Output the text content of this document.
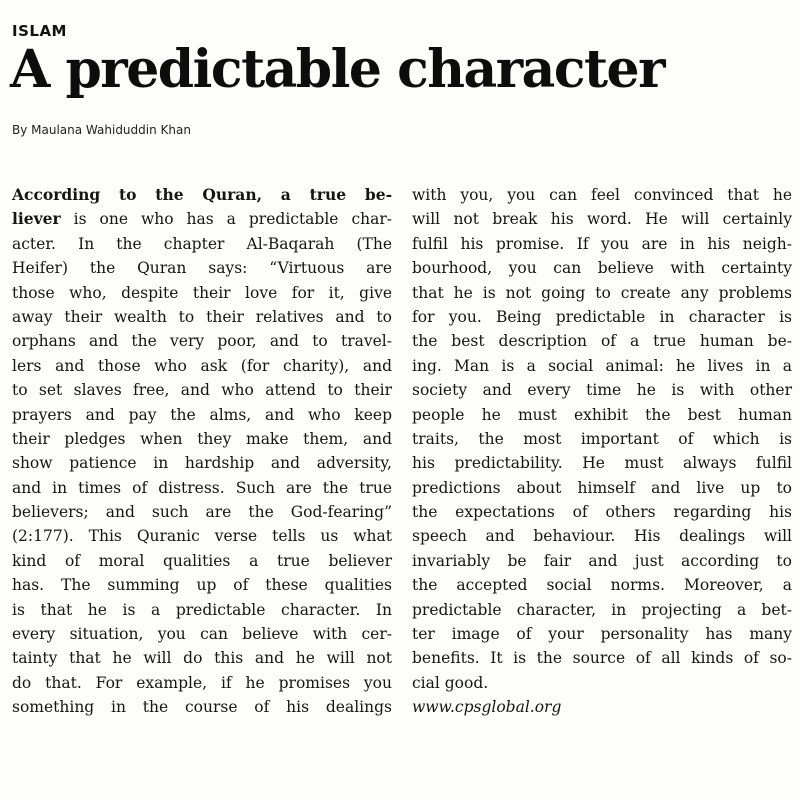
ISLAM
A predictable character
By Maulana Wahiduddin Khan
According to the Quran, a true be-
liever is one who has a predictable char-
acter. In the chapter Al-Baqarah (The
Heifer) the Quran says: “Virtuous are
those who, despite their love for it, give
away their wealth to their relatives and to
orphans and the very poor, and to travel-
lers and those who ask (for charity), and
to set slaves free, and who attend to their
prayers and pay the alms, and who keep
their pledges when they make them, and
show patience in hardship and adversity,
and in times of distress. Such are the true
believers; and such are the God-fearing”
(2:177). This Quranic verse tells us what
kind of moral qualities a true believer
has. The summing up of these qualities
is that he is a predictable character. In
every situation, you can believe with cer-
tainty that he will do this and he will not
do that. For example, if he promises you
something in the course of his dealings
with you, you can feel convinced that he
will not break his word. He will certainly
fulfil his promise. If you are in his neigh-
bourhood, you can believe with certainty
that he is not going to create any problems
for you. Being predictable in character is
the best description of a true human be-
ing. Man is a social animal: he lives in a
society and every time he is with other
people he must exhibit the best human
traits, the most important of which is
his predictability. He must always fulfil
predictions about himself and live up to
the expectations of others regarding his
speech and behaviour. His dealings will
invariably be fair and just according to
the accepted social norms. Moreover, a
predictable character, in projecting a bet-
ter image of your personality has many
benefits. It is the source of all kinds of so-
cial good.
www.cpsglobal.org
